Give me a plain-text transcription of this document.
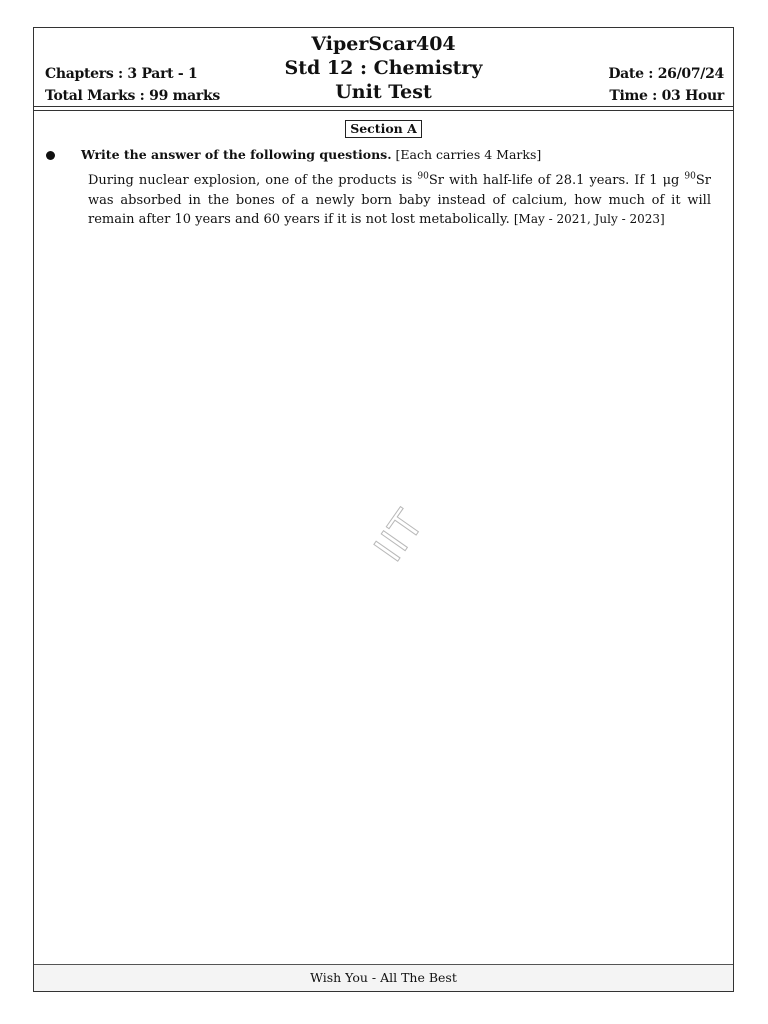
ViperScar404
Std 12 : Chemistry
Unit Test
Chapters : 3 Part - 1
Total Marks : 99 marks
Date : 26/07/24
Time : 03 Hour
Section A
Write the answer of the following questions. [Each carries 4 Marks]
During nuclear explosion, one of the products is $^{90}$Sr with half-life of 28.1 years. If 1 μg $^{90}$Sr was absorbed in the bones of a newly born baby instead of calcium, how much of it will remain after 10 years and 60 years if it is not lost metabolically. [May - 2021, July - 2023]
IIT
Wish You - All The Best
